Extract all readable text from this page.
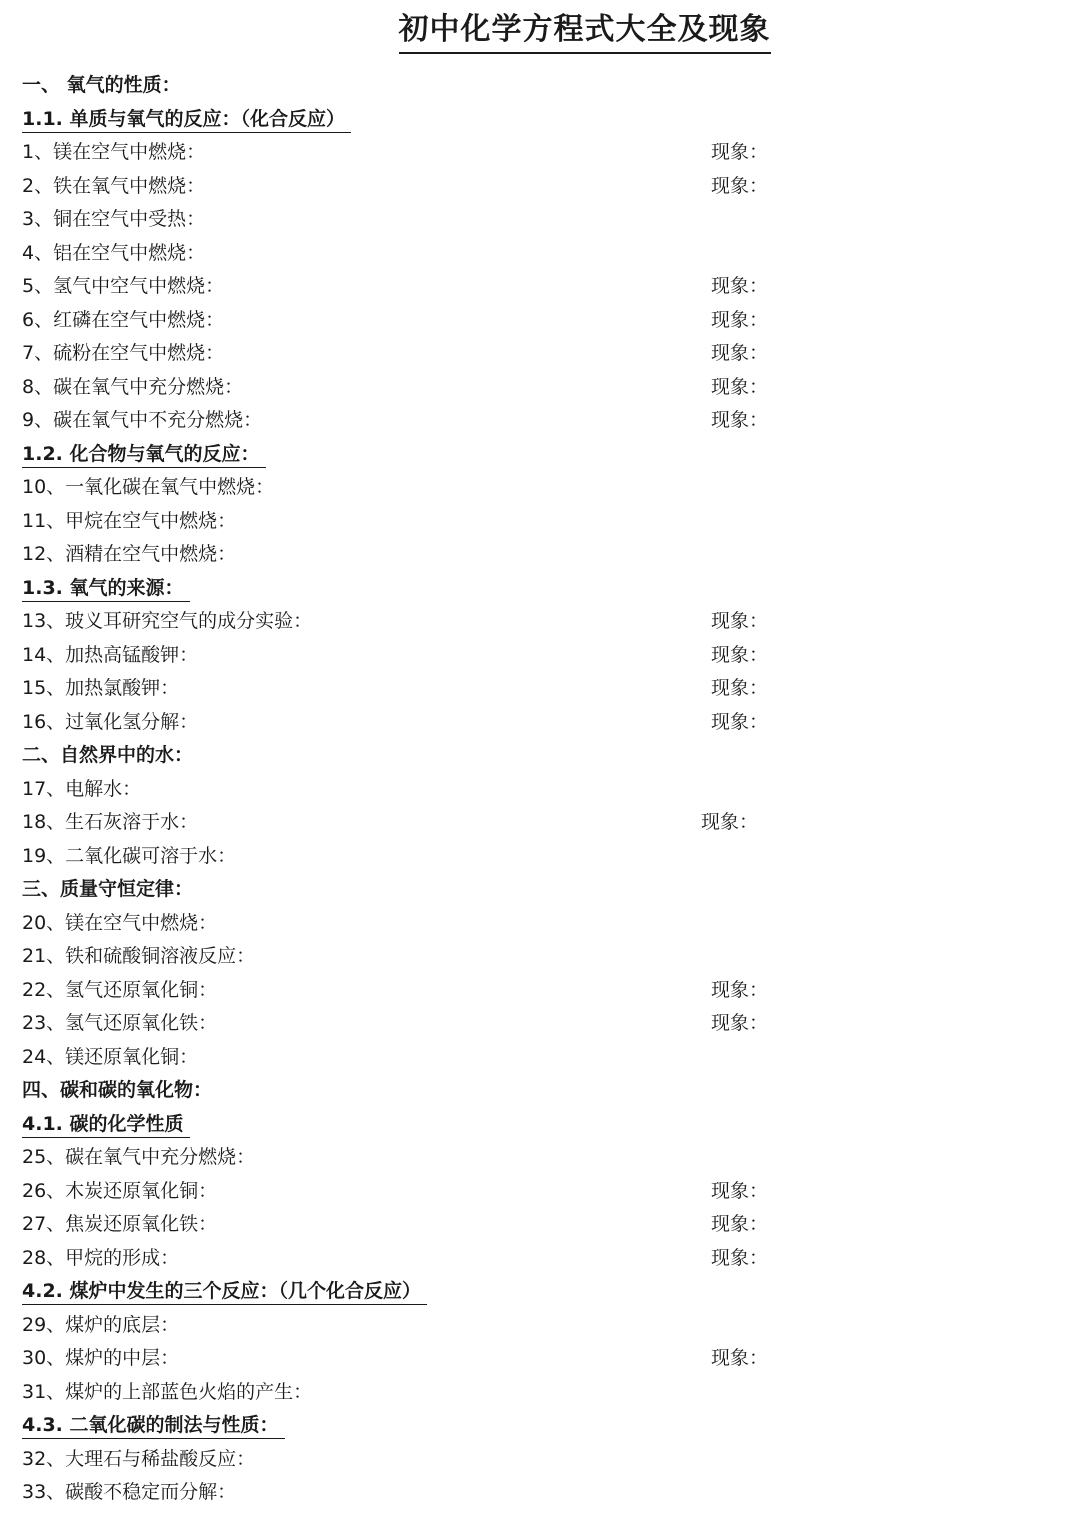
初中化学方程式大全及现象
一、 氧气的性质：
1.1. 单质与氧气的反应：（化合反应）
1、镁在空气中燃烧：	现象：
2、铁在氧气中燃烧：	现象：
3、铜在空气中受热：
4、铝在空气中燃烧：
5、氢气中空气中燃烧：	现象：
6、红磷在空气中燃烧：	现象：
7、硫粉在空气中燃烧：	现象：
8、碳在氧气中充分燃烧：	现象：
9、碳在氧气中不充分燃烧：	现象：
1.2. 化合物与氧气的反应：
10、一氧化碳在氧气中燃烧：
11、甲烷在空气中燃烧：
12、酒精在空气中燃烧：
1.3. 氧气的来源：
13、玻义耳研究空气的成分实验：	现象：
14、加热高锰酸钾：	现象：
15、加热氯酸钾：	现象：
16、过氧化氢分解：	现象：
二、自然界中的水：
17、电解水：
18、生石灰溶于水：	现象：
19、二氧化碳可溶于水：
三、质量守恒定律：
20、镁在空气中燃烧：
21、铁和硫酸铜溶液反应：
22、氢气还原氧化铜：	现象：
23、氢气还原氧化铁：	现象：
24、镁还原氧化铜：
四、碳和碳的氧化物：
4.1. 碳的化学性质
25、碳在氧气中充分燃烧：
26、木炭还原氧化铜：	现象：
27、焦炭还原氧化铁：	现象：
28、甲烷的形成：	现象：
4.2. 煤炉中发生的三个反应：（几个化合反应）
29、煤炉的底层：
30、煤炉的中层：	现象：
31、煤炉的上部蓝色火焰的产生：
4.3. 二氧化碳的制法与性质：
32、大理石与稀盐酸反应：
33、碳酸不稳定而分解：
